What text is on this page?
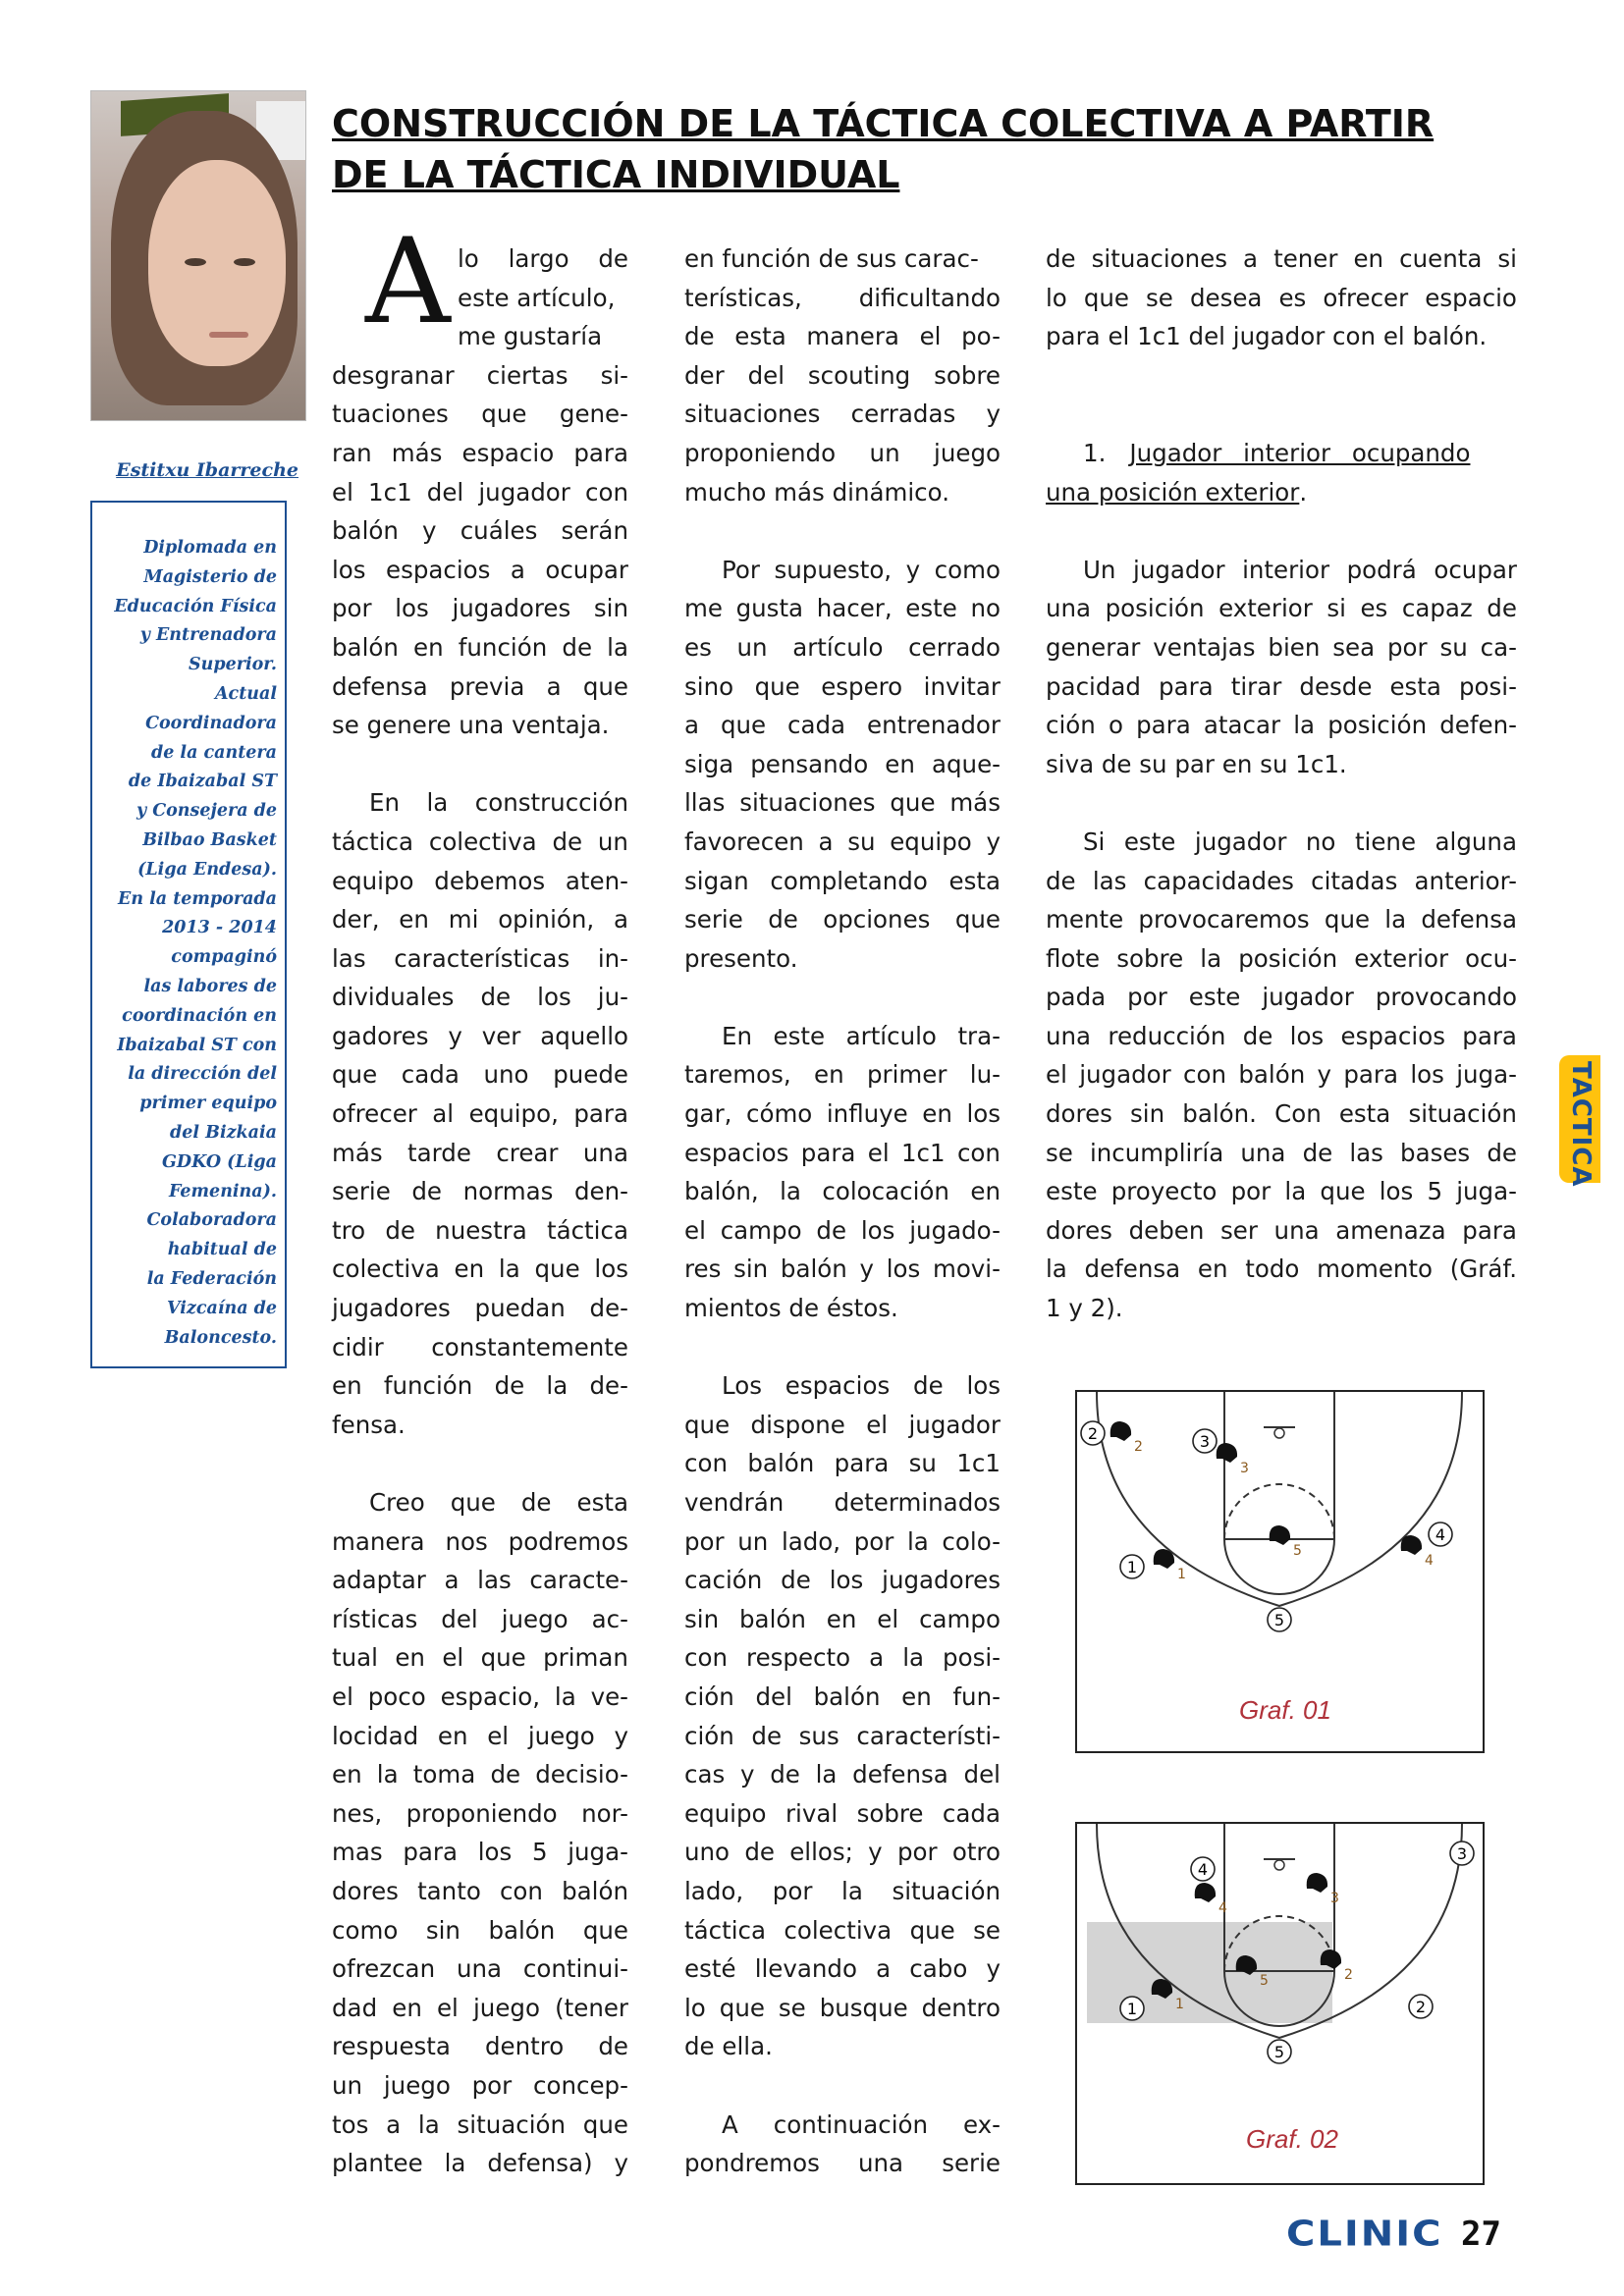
Estitxu Ibarreche
Diplomada en
Magisterio de
Educación Física
y Entrenadora
Superior.
Actual
Coordinadora
de la cantera
de Ibaizabal ST
y Consejera de
Bilbao Basket
(Liga Endesa).
En la temporada
2013 - 2014
compaginó
las labores de
coordinación en
Ibaizabal ST con
la dirección del
primer equipo
del Bizkaia
GDKO (Liga
Femenina).
Colaboradora
habitual de
la Federación
Vizcaína de
Baloncesto.
CONSTRUCCIÓN DE LA TÁCTICA COLECTIVA A PARTIR
DE LA TÁCTICA INDIVIDUAL
A lo largo de
este artículo,
me gustaría
desgranar ciertas si-
tuaciones que gene-
ran más espacio para
el 1c1 del jugador con
balón y cuáles serán
los espacios a ocupar
por los jugadores sin
balón en función de la
defensa previa a que
se genere una ventaja.
En la construcción
táctica colectiva de un
equipo debemos aten-
der, en mi opinión, a
las características in-
dividuales de los ju-
gadores y ver aquello
que cada uno puede
ofrecer al equipo, para
más tarde crear una
serie de normas den-
tro de nuestra táctica
colectiva en la que los
jugadores puedan de-
cidir constantemente
en función de la de-
fensa.
Creo que de esta
manera nos podremos
adaptar a las caracte-
rísticas del juego ac-
tual en el que priman
el poco espacio, la ve-
locidad en el juego y
en la toma de decisio-
nes, proponiendo nor-
mas para los 5 juga-
dores tanto con balón
como sin balón que
ofrezcan una continui-
dad en el juego (tener
respuesta dentro de
un juego por concep-
tos a la situación que
plantee la defensa) y
en función de sus carac-
terísticas, dificultando
de esta manera el po-
der del scouting sobre
situaciones cerradas y
proponiendo un juego
mucho más dinámico.
Por supuesto, y como
me gusta hacer, este no
es un artículo cerrado
sino que espero invitar
a que cada entrenador
siga pensando en aque-
llas situaciones que más
favorecen a su equipo y
sigan completando esta
serie de opciones que
presento.
En este artículo tra-
taremos, en primer lu-
gar, cómo influye en los
espacios para el 1c1 con
balón, la colocación en
el campo de los jugado-
res sin balón y los movi-
mientos de éstos.
Los espacios de los
que dispone el jugador
con balón para su 1c1
vendrán determinados
por un lado, por la colo-
cación de los jugadores
sin balón en el campo
con respecto a la posi-
ción del balón en fun-
ción de sus característi-
cas y de la defensa del
equipo rival sobre cada
uno de ellos; y por otro
lado, por la situación
táctica colectiva que se
esté llevando a cabo y
lo que se busque dentro
de ella.
A continuación ex-
pondremos una serie
de situaciones a tener en cuenta si
lo que se desea es ofrecer espacio
para el 1c1 del jugador con el balón.
1. Jugador interior ocupando
una posición exterior .
Un jugador interior podrá ocupar
una posición exterior si es capaz de
generar ventajas bien sea por su ca-
pacidad para tirar desde esta posi-
ción o para atacar la posición defen-
siva de su par en su 1c1.
Si este jugador no tiene alguna
de las capacidades citadas anterior-
mente provocaremos que la defensa
flote sobre la posición exterior ocu-
pada por este jugador provocando
una reducción de los espacios para
el jugador con balón y para los juga-
dores sin balón. Con esta situación
se incumpliría una de las bases de
este proyecto por la que los 5 juga-
dores deben ser una amenaza para
la defensa en todo momento (Gráf.
1 y 2).
2	3
4
1
5
2
3
5
4
1
Graf. 01
4
3
1	2
5
4
3
5	2
1
Graf. 02
TACTICA
CLINIC 27
